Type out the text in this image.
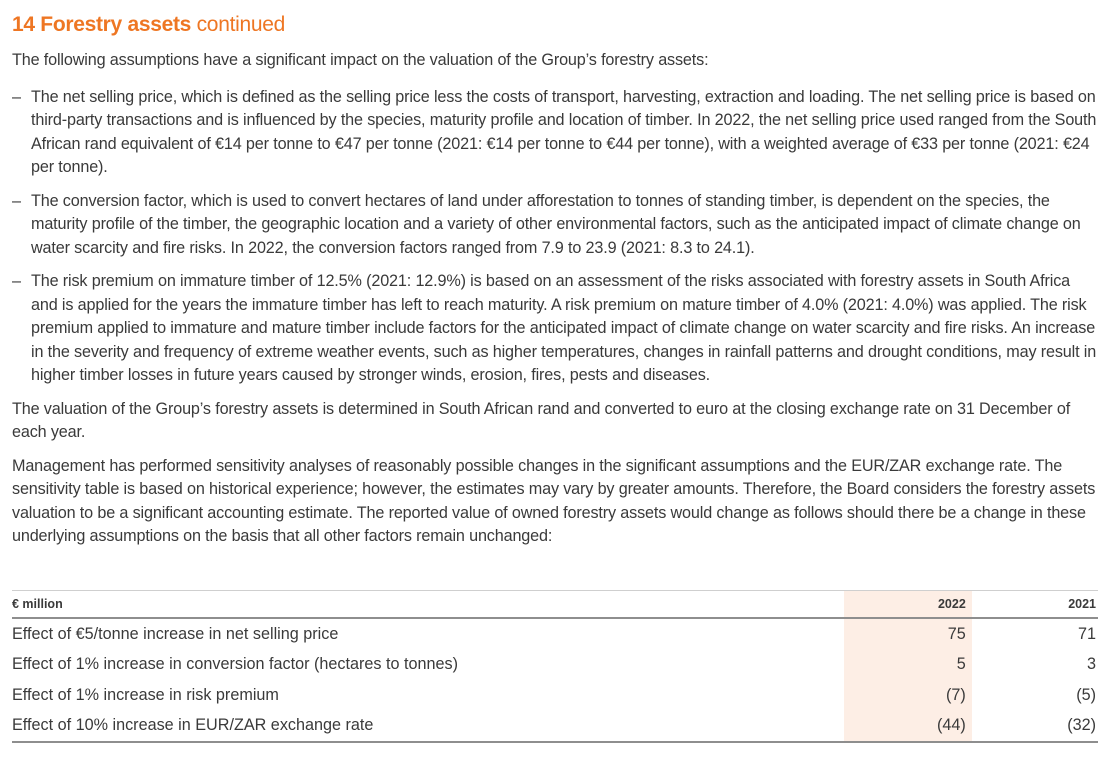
14 Forestry assets continued

The following assumptions have a significant impact on the valuation of the Group’s forestry assets:

– The net selling price, which is defined as the selling price less the costs of transport, harvesting, extraction and loading. The net selling price is based on third-party transactions and is influenced by the species, maturity profile and location of timber. In 2022, the net selling price used ranged from the South African rand equivalent of €14 per tonne to €47 per tonne (2021: €14 per tonne to €44 per tonne), with a weighted average of €33 per tonne (2021: €24 per tonne).
– The conversion factor, which is used to convert hectares of land under afforestation to tonnes of standing timber, is dependent on the species, the maturity profile of the timber, the geographic location and a variety of other environmental factors, such as the anticipated impact of climate change on water scarcity and fire risks. In 2022, the conversion factors ranged from 7.9 to 23.9 (2021: 8.3 to 24.1).
– The risk premium on immature timber of 12.5% (2021: 12.9%) is based on an assessment of the risks associated with forestry assets in South Africa and is applied for the years the immature timber has left to reach maturity. A risk premium on mature timber of 4.0% (2021: 4.0%) was applied. The risk premium applied to immature and mature timber include factors for the anticipated impact of climate change on water scarcity and fire risks. An increase in the severity and frequency of extreme weather events, such as higher temperatures, changes in rainfall patterns and drought conditions, may result in higher timber losses in future years caused by stronger winds, erosion, fires, pests and diseases.

The valuation of the Group’s forestry assets is determined in South African rand and converted to euro at the closing exchange rate on 31 December of each year.

Management has performed sensitivity analyses of reasonably possible changes in the significant assumptions and the EUR/ZAR exchange rate. The sensitivity table is based on historical experience; however, the estimates may vary by greater amounts. Therefore, the Board considers the forestry assets valuation to be a significant accounting estimate. The reported value of owned forestry assets would change as follows should there be a change in these underlying assumptions on the basis that all other factors remain unchanged:

€ million	2022	2021
Effect of €5/tonne increase in net selling price	75	71
Effect of 1% increase in conversion factor (hectares to tonnes)	5	3
Effect of 1% increase in risk premium	(7)	(5)
Effect of 10% increase in EUR/ZAR exchange rate	(44)	(32)
